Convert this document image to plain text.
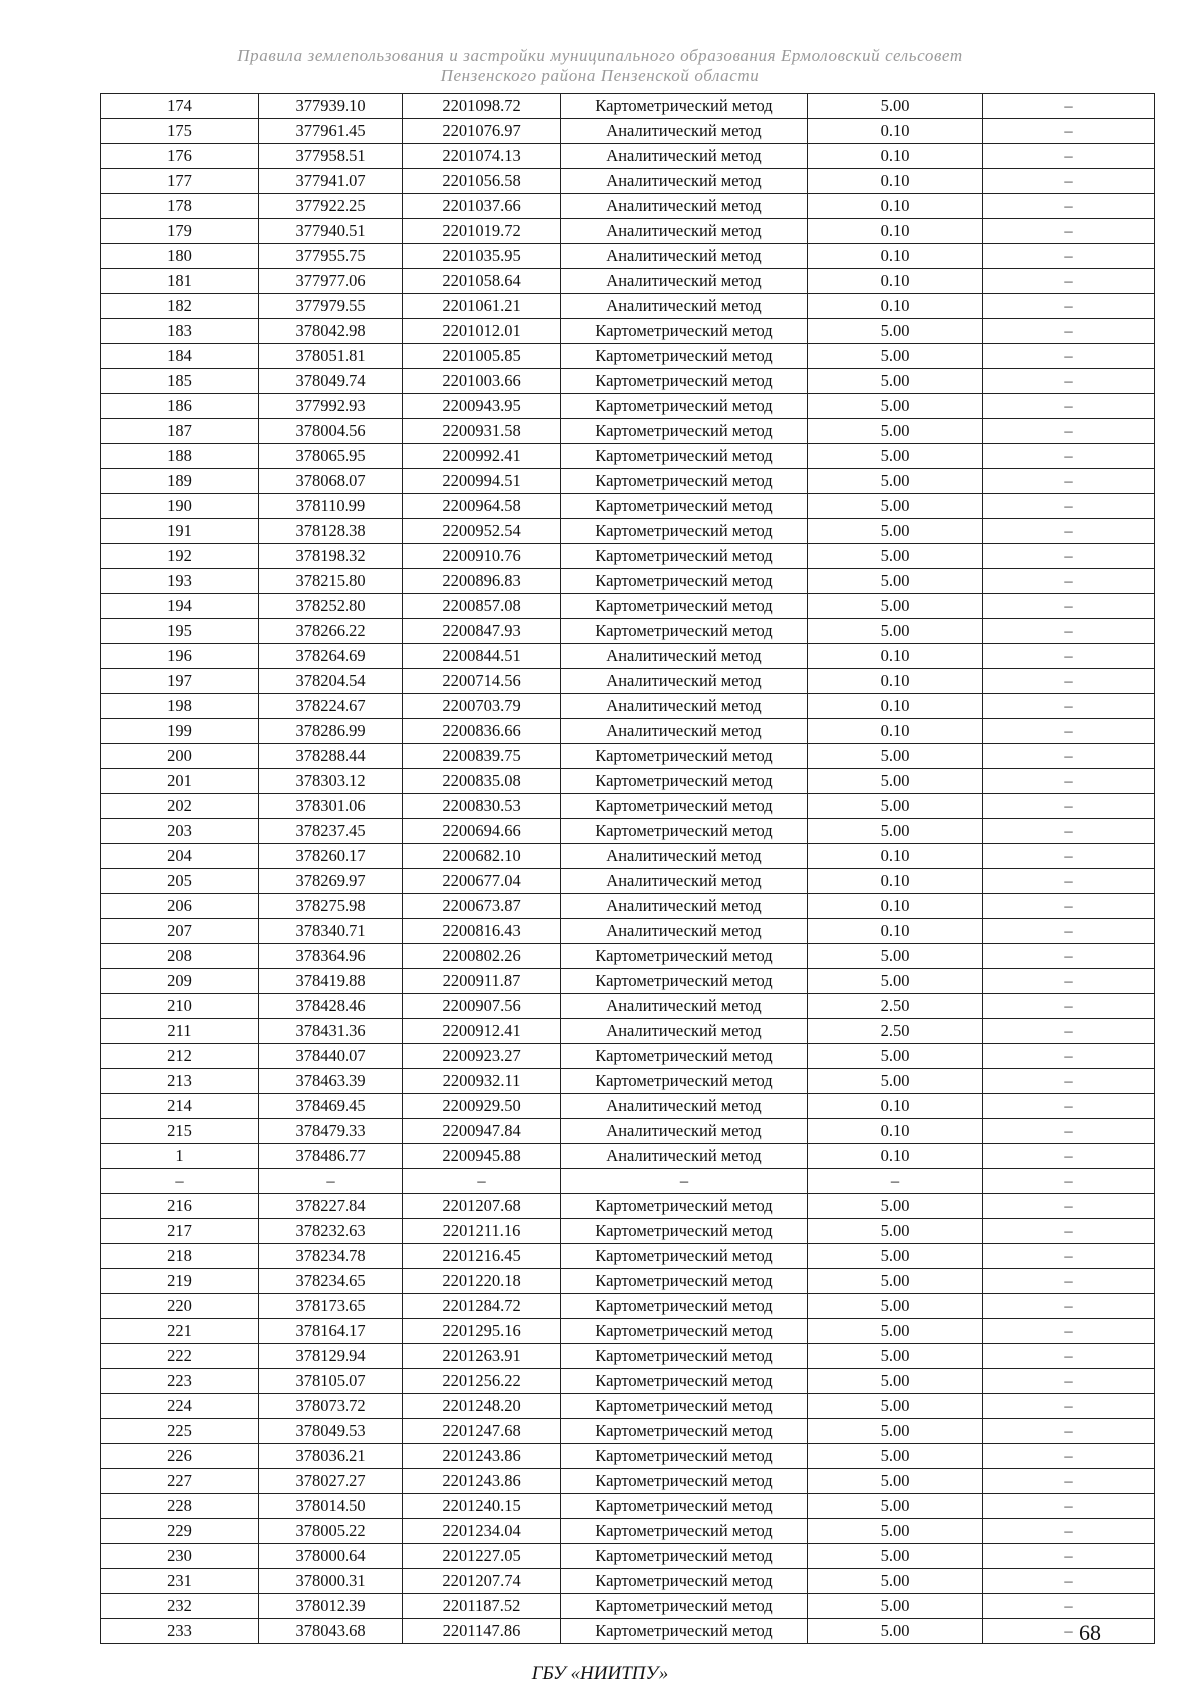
Правила землепользования и застройки муниципального образования Ермоловский сельсовет
Пензенского района Пензенской области
174	377939.10	2201098.72	Картометрический метод	5.00	–
175	377961.45	2201076.97	Аналитический метод	0.10	–
176	377958.51	2201074.13	Аналитический метод	0.10	–
177	377941.07	2201056.58	Аналитический метод	0.10	–
178	377922.25	2201037.66	Аналитический метод	0.10	–
179	377940.51	2201019.72	Аналитический метод	0.10	–
180	377955.75	2201035.95	Аналитический метод	0.10	–
181	377977.06	2201058.64	Аналитический метод	0.10	–
182	377979.55	2201061.21	Аналитический метод	0.10	–
183	378042.98	2201012.01	Картометрический метод	5.00	–
184	378051.81	2201005.85	Картометрический метод	5.00	–
185	378049.74	2201003.66	Картометрический метод	5.00	–
186	377992.93	2200943.95	Картометрический метод	5.00	–
187	378004.56	2200931.58	Картометрический метод	5.00	–
188	378065.95	2200992.41	Картометрический метод	5.00	–
189	378068.07	2200994.51	Картометрический метод	5.00	–
190	378110.99	2200964.58	Картометрический метод	5.00	–
191	378128.38	2200952.54	Картометрический метод	5.00	–
192	378198.32	2200910.76	Картометрический метод	5.00	–
193	378215.80	2200896.83	Картометрический метод	5.00	–
194	378252.80	2200857.08	Картометрический метод	5.00	–
195	378266.22	2200847.93	Картометрический метод	5.00	–
196	378264.69	2200844.51	Аналитический метод	0.10	–
197	378204.54	2200714.56	Аналитический метод	0.10	–
198	378224.67	2200703.79	Аналитический метод	0.10	–
199	378286.99	2200836.66	Аналитический метод	0.10	–
200	378288.44	2200839.75	Картометрический метод	5.00	–
201	378303.12	2200835.08	Картометрический метод	5.00	–
202	378301.06	2200830.53	Картометрический метод	5.00	–
203	378237.45	2200694.66	Картометрический метод	5.00	–
204	378260.17	2200682.10	Аналитический метод	0.10	–
205	378269.97	2200677.04	Аналитический метод	0.10	–
206	378275.98	2200673.87	Аналитический метод	0.10	–
207	378340.71	2200816.43	Аналитический метод	0.10	–
208	378364.96	2200802.26	Картометрический метод	5.00	–
209	378419.88	2200911.87	Картометрический метод	5.00	–
210	378428.46	2200907.56	Аналитический метод	2.50	–
211	378431.36	2200912.41	Аналитический метод	2.50	–
212	378440.07	2200923.27	Картометрический метод	5.00	–
213	378463.39	2200932.11	Картометрический метод	5.00	–
214	378469.45	2200929.50	Аналитический метод	0.10	–
215	378479.33	2200947.84	Аналитический метод	0.10	–
1	378486.77	2200945.88	Аналитический метод	0.10	–
–	–	–	–	–	–
216	378227.84	2201207.68	Картометрический метод	5.00	–
217	378232.63	2201211.16	Картометрический метод	5.00	–
218	378234.78	2201216.45	Картометрический метод	5.00	–
219	378234.65	2201220.18	Картометрический метод	5.00	–
220	378173.65	2201284.72	Картометрический метод	5.00	–
221	378164.17	2201295.16	Картометрический метод	5.00	–
222	378129.94	2201263.91	Картометрический метод	5.00	–
223	378105.07	2201256.22	Картометрический метод	5.00	–
224	378073.72	2201248.20	Картометрический метод	5.00	–
225	378049.53	2201247.68	Картометрический метод	5.00	–
226	378036.21	2201243.86	Картометрический метод	5.00	–
227	378027.27	2201243.86	Картометрический метод	5.00	–
228	378014.50	2201240.15	Картометрический метод	5.00	–
229	378005.22	2201234.04	Картометрический метод	5.00	–
230	378000.64	2201227.05	Картометрический метод	5.00	–
231	378000.31	2201207.74	Картометрический метод	5.00	–
232	378012.39	2201187.52	Картометрический метод	5.00	–
233	378043.68	2201147.86	Картометрический метод	5.00	– 68
ГБУ «НИИТПУ»
